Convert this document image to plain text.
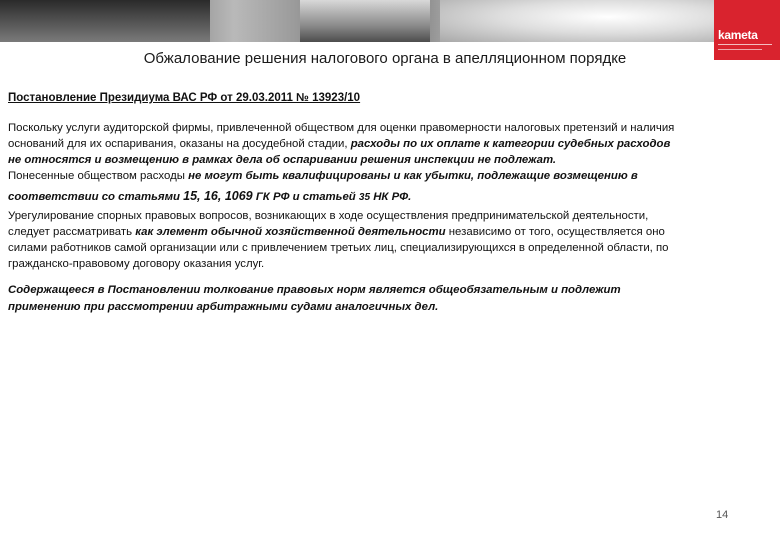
kameta
Обжалование решения налогового органа в апелляционном порядке
Постановление Президиума ВАС РФ от 29.03.2011 № 13923/10
Поскольку услуги аудиторской фирмы, привлеченной обществом для оценки правомерности налоговых претензий и наличия
оснований для их оспаривания, оказаны на досудебной стадии, расходы по их оплате к категории судебных расходов
не относятся и возмещению в рамках дела об оспаривании решения инспекции не подлежат.
Понесенные обществом расходы не могут быть квалифицированы и как убытки, подлежащие возмещению в
соответствии со статьями 15, 16, 1069 ГК РФ и статьей 35 НК РФ.
Урегулирование спорных правовых вопросов, возникающих в ходе осуществления предпринимательской деятельности,
следует рассматривать как элемент обычной хозяйственной деятельности независимо от того, осуществляется оно
силами работников самой организации или с привлечением третьих лиц, специализирующихся в определенной области, по
гражданско-правовому договору оказания услуг.
Содержащееся в Постановлении толкование правовых норм является общеобязательным и подлежит
применению при рассмотрении арбитражными судами аналогичных дел.
14
